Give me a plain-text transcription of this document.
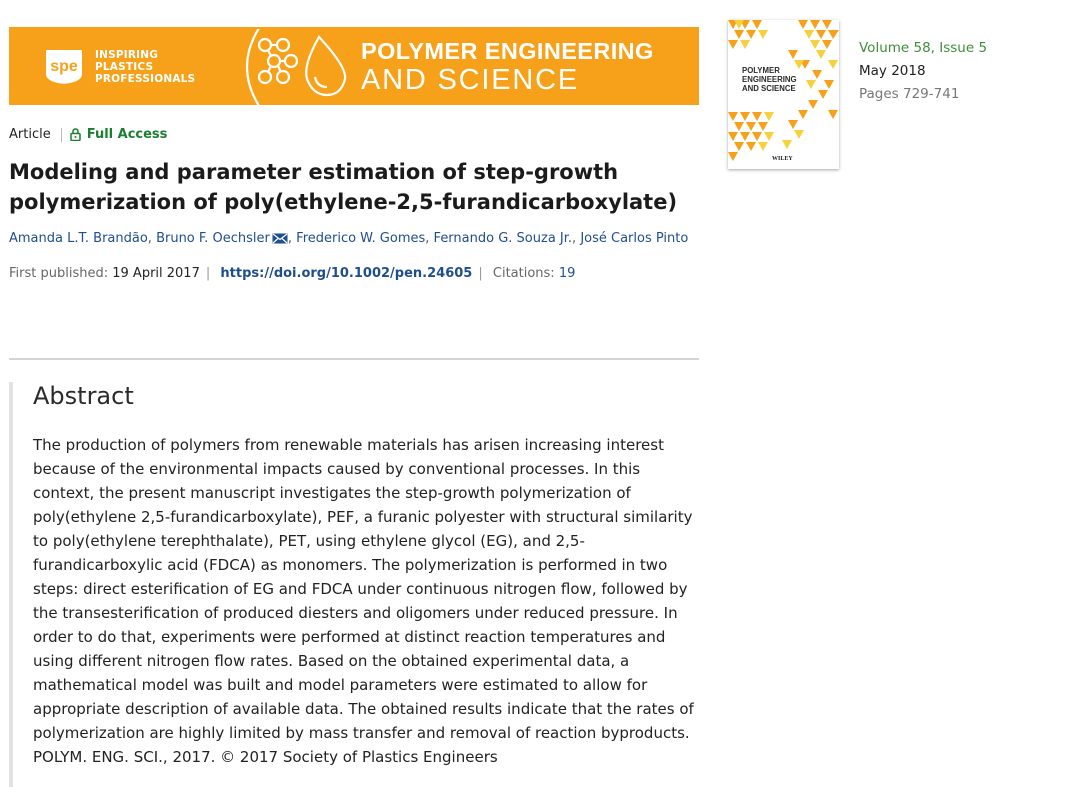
spe
INSPIRING
PLASTICS
PROFESSIONALS
POLYMER ENGINEERING
AND SCIENCE
Article	Full Access
Modeling and parameter estimation of step-growth polymerization of poly(ethylene-2,5-furandicarboxylate)
Amanda L.T. Brandão, Bruno F. Oechsler , Frederico W. Gomes, Fernando G. Souza Jr., José Carlos Pinto
First published: 19 April 2017 | https://doi.org/10.1002/pen.24605 | Citations: 19
Abstract

The production of polymers from renewable materials has arisen increasing interest because of the environmental impacts caused by conventional processes. In this context, the present manuscript investigates the step-growth polymerization of poly(ethylene 2,5-furandicarboxylate), PEF, a furanic polyester with structural similarity to poly(ethylene terephthalate), PET, using ethylene glycol (EG), and 2,5-furandicarboxylic acid (FDCA) as monomers. The polymerization is performed in two steps: direct esterification of EG and FDCA under continuous nitrogen flow, followed by the transesterification of produced diesters and oligomers under reduced pressure. In order to do that, experiments were performed at distinct reaction temperatures and using different nitrogen flow rates. Based on the obtained experimental data, a mathematical model was built and model parameters were estimated to allow for appropriate description of available data. The obtained results indicate that the rates of polymerization are highly limited by mass transfer and removal of reaction byproducts. POLYM. ENG. SCI., 2017. © 2017 Society of Plastics Engineers

POLYMER
ENGINEERING
AND SCIENCE
WILEY
Volume 58, Issue 5
May 2018
Pages 729-741
